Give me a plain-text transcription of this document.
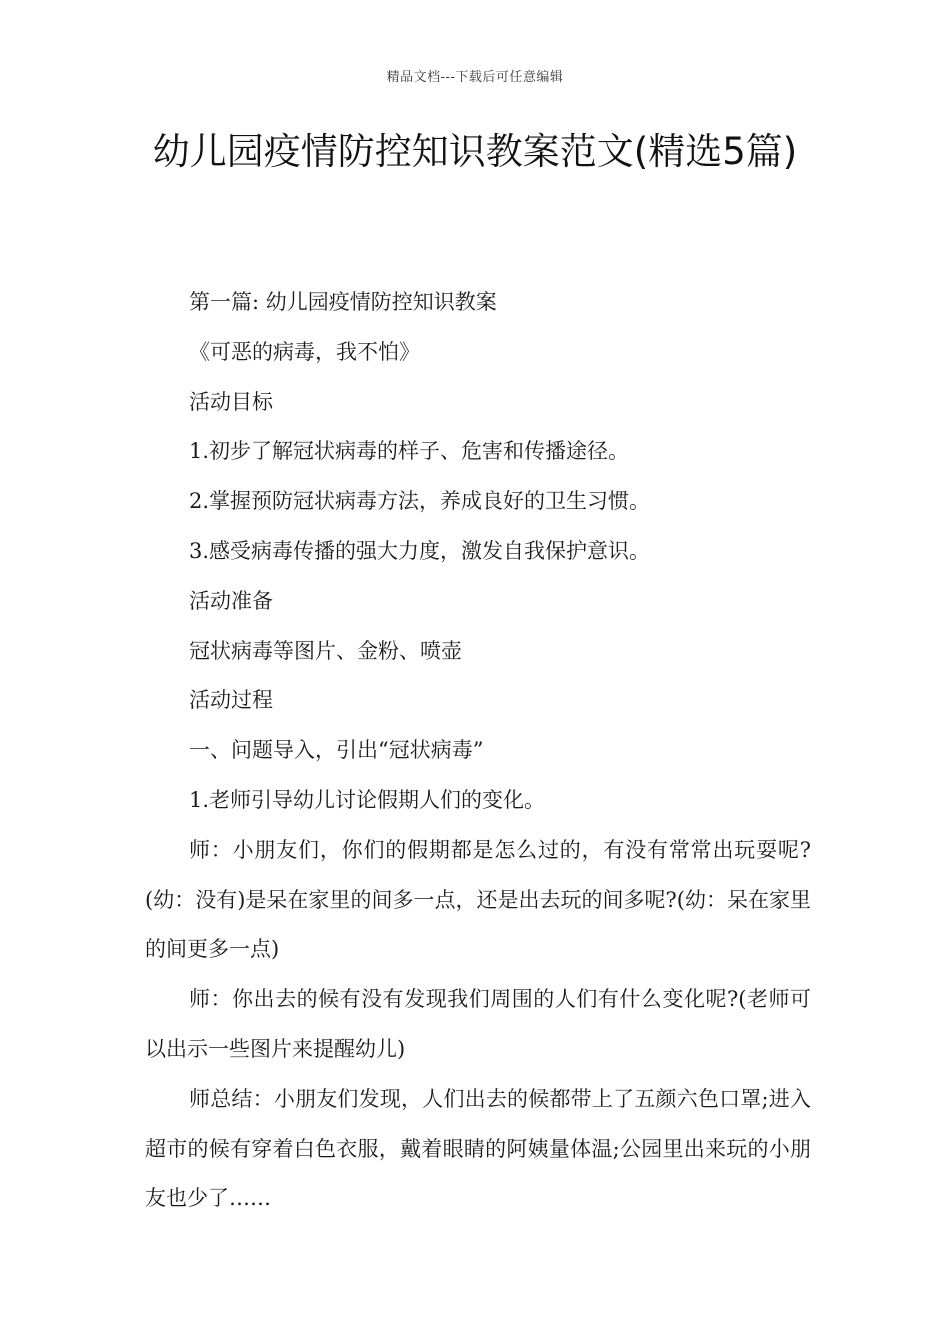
精品文档---下载后可任意编辑
幼儿园疫情防控知识教案范文(精选5篇)

第一篇: 幼儿园疫情防控知识教案

《可恶的病毒，我不怕》

活动目标

1.初步了解冠状病毒的样子、危害和传播途径。

2.掌握预防冠状病毒方法，养成良好的卫生习惯。

3.感受病毒传播的强大力度，激发自我保护意识。

活动准备

冠状病毒等图片、金粉、喷壶

活动过程

一、问题导入，引出“冠状病毒”

1.老师引导幼儿讨论假期人们的变化。

师：小朋友们，你们的假期都是怎么过的，有没有常常出玩耍呢?(幼：没有)是呆在家里的间多一点，还是出去玩的间多呢?(幼：呆在家里的间更多一点)

师：你出去的候有没有发现我们周围的人们有什么变化呢?(老师可以出示一些图片来提醒幼儿)

师总结：小朋友们发现，人们出去的候都带上了五颜六色口罩;进入超市的候有穿着白色衣服，戴着眼睛的阿姨量体温;公园里出来玩的小朋友也少了……
